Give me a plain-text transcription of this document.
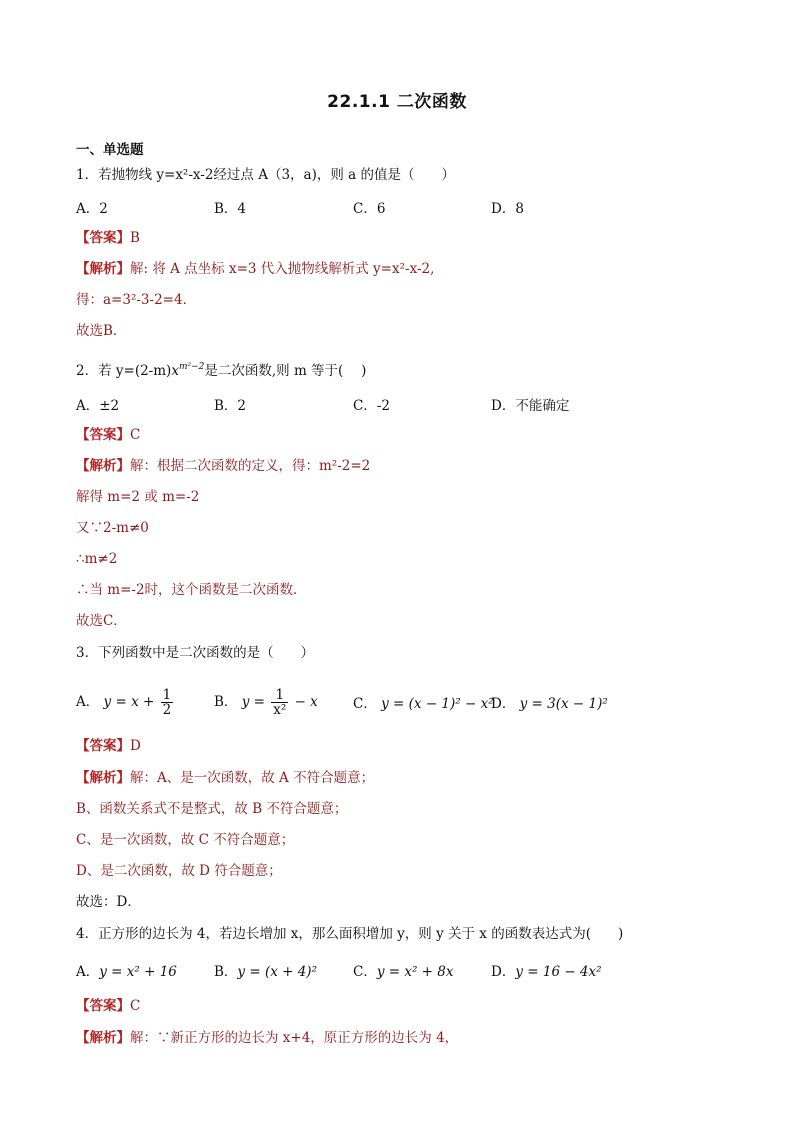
22.1.1 二次函数
一、单选题
1．若抛物线 y=x²-x-2经过点 A（3，a)，则 a 的值是（　　）
A．2	B．4	C．6	D．8
【答案】B
【解析】解: 将 A 点坐标 x=3 代入抛物线解析式 y=x²-x-2,
得：a=3²-3-2=4．
故选B．
2．若 $y=(2-m)x^{m^2-2}$是二次函数,则 m 等于(　 )
A．±2	B．2	C．-2	D．不能确定
【答案】C
【解析】解：根据二次函数的定义，得：m²-2=2
解得 m=2 或 m=-2
又∵2-m≠0
∴m≠2
∴当 m=-2时，这个函数是二次函数．
故选C．
3．下列函数中是二次函数的是（　　）
A． $y = x + \frac{1}{2}$	B． $y = \frac{1}{\text{x²}} - x$	C． y = (x − 1)² − x²
D． y = 3(x − 1)²
【答案】D
【解析】解：A、是一次函数，故 A 不符合题意；
B、函数关系式不是整式，故 B 不符合题意；
C、是一次函数，故 C 不符合题意；
D、是二次函数，故 D 符合题意；
故选：D．
4．正方形的边长为 4，若边长增加 x，那么面积增加 y，则 y 关于 x 的函数表达式为(　　)
A．y = x² + 16	B．y = (x + 4)²	C．y = x² + 8x	D．y = 16 − 4x²
【答案】C
【解析】解：∵新正方形的边长为 x+4，原正方形的边长为 4，
